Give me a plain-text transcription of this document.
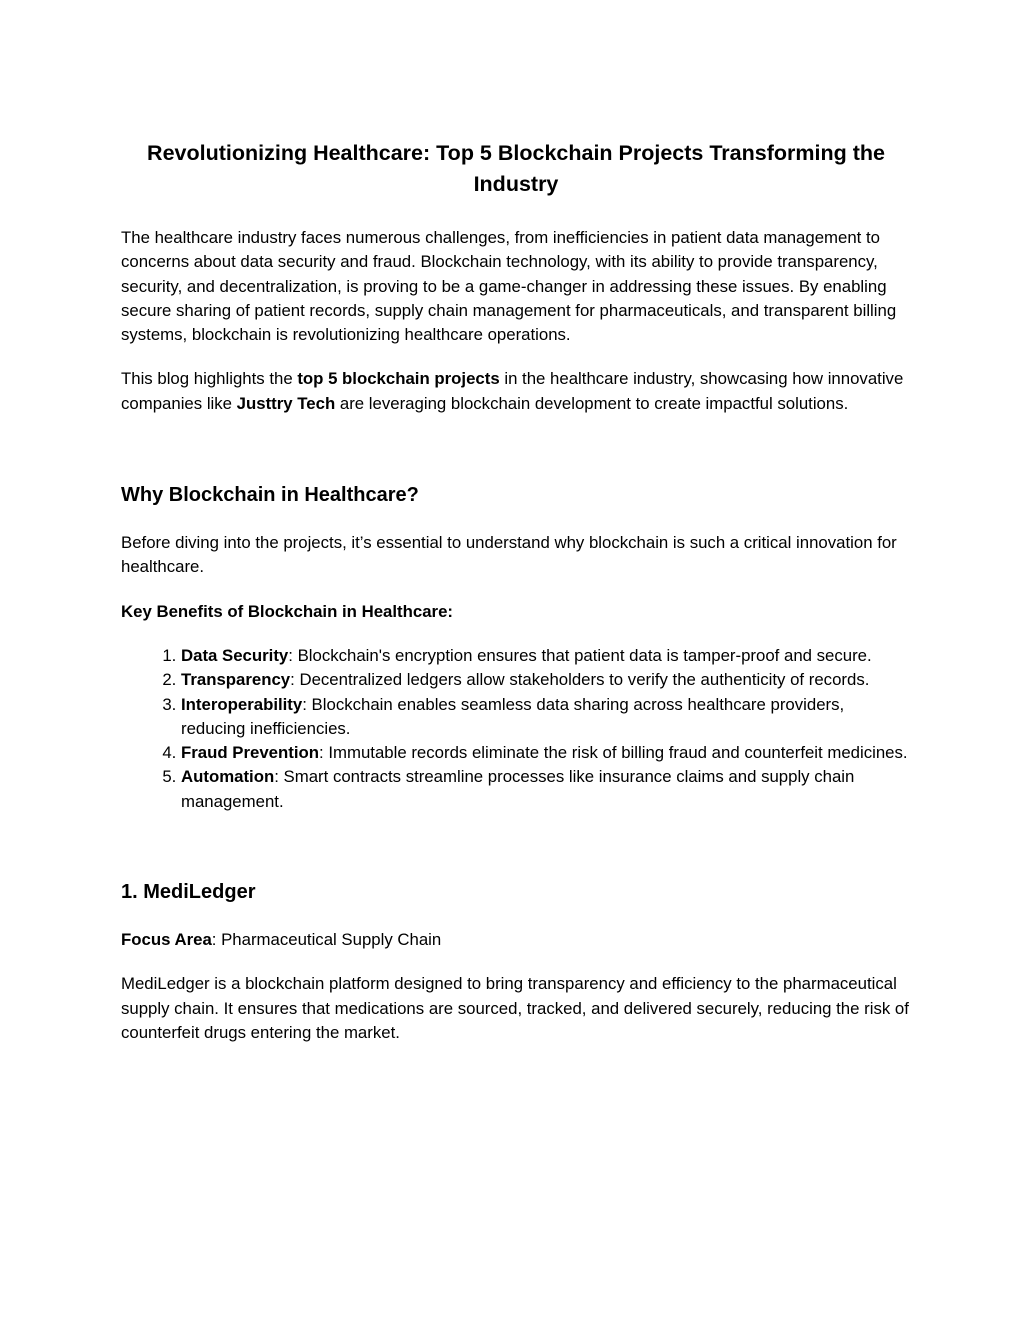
Revolutionizing Healthcare: Top 5 Blockchain Projects Transforming the Industry

The healthcare industry faces numerous challenges, from inefficiencies in patient data management to concerns about data security and fraud. Blockchain technology, with its ability to provide transparency, security, and decentralization, is proving to be a game-changer in addressing these issues. By enabling secure sharing of patient records, supply chain management for pharmaceuticals, and transparent billing systems, blockchain is revolutionizing healthcare operations.

This blog highlights the top 5 blockchain projects in the healthcare industry, showcasing how innovative companies like Justtry Tech are leveraging blockchain development to create impactful solutions.

Why Blockchain in Healthcare?

Before diving into the projects, it’s essential to understand why blockchain is such a critical innovation for healthcare.

Key Benefits of Blockchain in Healthcare:

1. Data Security: Blockchain's encryption ensures that patient data is tamper-proof and secure.
2. Transparency: Decentralized ledgers allow stakeholders to verify the authenticity of records.
3. Interoperability: Blockchain enables seamless data sharing across healthcare providers, reducing inefficiencies.
4. Fraud Prevention: Immutable records eliminate the risk of billing fraud and counterfeit medicines.
5. Automation: Smart contracts streamline processes like insurance claims and supply chain management.
1. MediLedger

Focus Area: Pharmaceutical Supply Chain

MediLedger is a blockchain platform designed to bring transparency and efficiency to the pharmaceutical supply chain. It ensures that medications are sourced, tracked, and delivered securely, reducing the risk of counterfeit drugs entering the market.
